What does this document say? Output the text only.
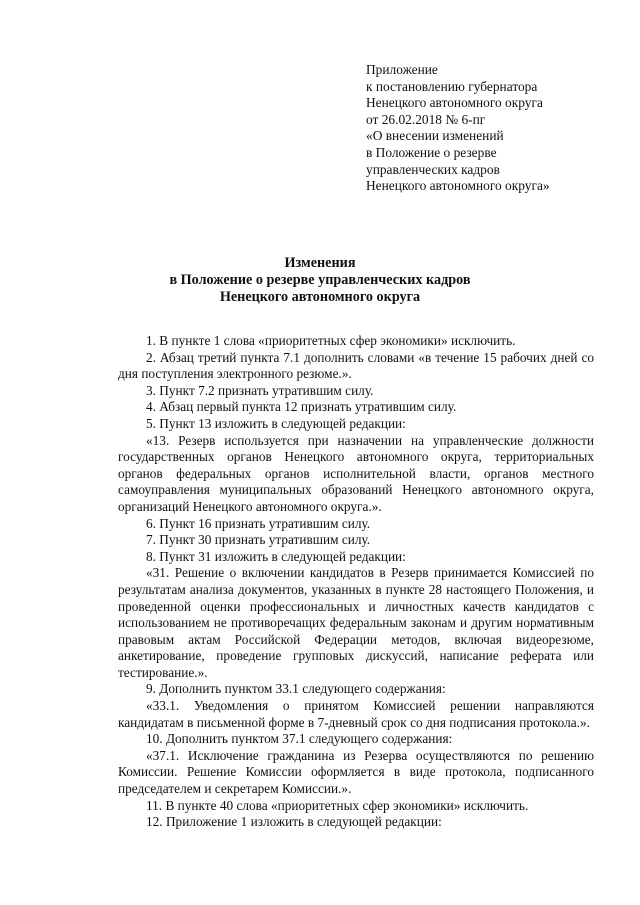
Приложение
к постановлению губернатора
Ненецкого автономного округа
от 26.02.2018 № 6-пг
«О внесении изменений
в Положение о резерве
управленческих кадров
Ненецкого автономного округа»
Изменения
в Положение о резерве управленческих кадров
Ненецкого автономного округа

1. В пункте 1 слова «приоритетных сфер экономики» исключить.

2. Абзац третий пункта 7.1 дополнить словами «в течение 15 рабочих дней со дня поступления электронного резюме.».

3. Пункт 7.2 признать утратившим силу.

4. Абзац первый пункта 12 признать утратившим силу.

5. Пункт 13 изложить в следующей редакции:

«13. Резерв используется при назначении на управленческие должности государственных органов Ненецкого автономного округа, территориальных органов федеральных органов исполнительной власти, органов местного самоуправления муниципальных образований Ненецкого автономного округа, организаций Ненецкого автономного округа.».

6. Пункт 16 признать утратившим силу.

7. Пункт 30 признать утратившим силу.

8. Пункт 31 изложить в следующей редакции:

«31. Решение о включении кандидатов в Резерв принимается Комиссией по результатам анализа документов, указанных в пункте 28 настоящего Положения, и проведенной оценки профессиональных и личностных качеств кандидатов с использованием не противоречащих федеральным законам и другим нормативным правовым актам Российской Федерации методов, включая видеорезюме, анкетирование, проведение групповых дискуссий, написание реферата или тестирование.».

9. Дополнить пунктом 33.1 следующего содержания:

«33.1. Уведомления о принятом Комиссией решении направляются кандидатам в письменной форме в 7-дневный срок со дня подписания протокола.».

10. Дополнить пунктом 37.1 следующего содержания:

«37.1. Исключение гражданина из Резерва осуществляются по решению Комиссии. Решение Комиссии оформляется в виде протокола, подписанного председателем и секретарем Комиссии.».

11. В пункте 40 слова «приоритетных сфер экономики» исключить.

12. Приложение 1 изложить в следующей редакции:
